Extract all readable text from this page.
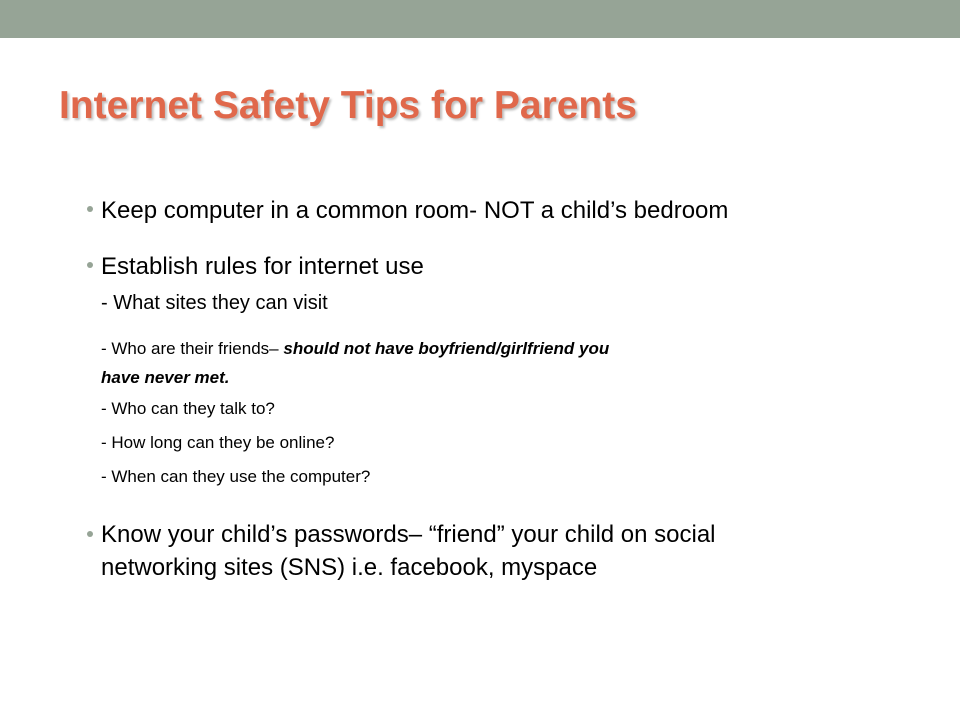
Internet Safety Tips for Parents
Keep computer in a common room- NOT a child’s bedroom
Establish rules for internet use
- What sites they can visit
- Who are their friends– should not have boyfriend/girlfriend you
have never met.
- Who can they talk to?
- How long can they be online?
- When can they use the computer?
Know your child’s passwords– “friend” your child on social
networking sites (SNS) i.e. facebook, myspace
